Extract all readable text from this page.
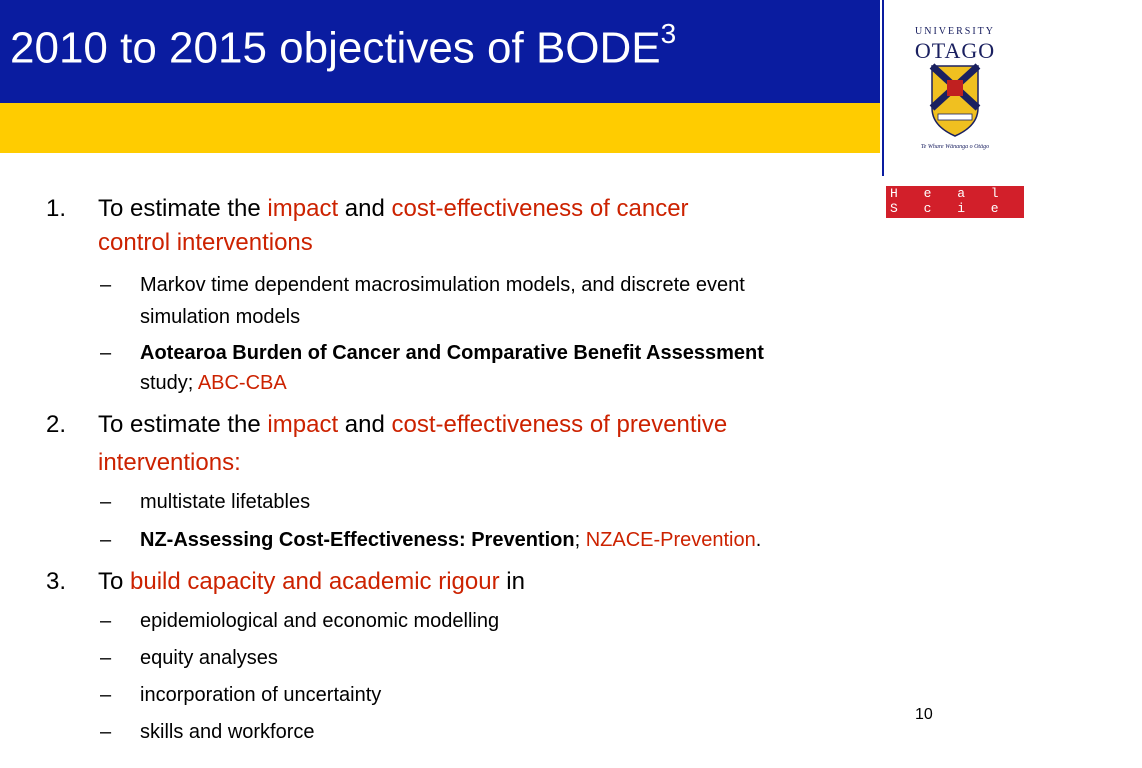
2010 to 2015 objectives of BODE$^3$	UNIVERSITY
OTAGO
Te Whare Wānanga o Otāgo
H e a l t h
S c i e n c e s
1. To estimate the impact and cost-effectiveness of cancer
control interventions
– Markov time dependent macrosimulation models, and discrete event
simulation models
– Aotearoa Burden of Cancer and Comparative Benefit Assessment
study; ABC-CBA
2. To estimate the impact and cost-effectiveness of preventive
interventions:
– multistate lifetables
– NZ-Assessing Cost-Effectiveness: Prevention; NZACE-Prevention.
3. To build capacity and academic rigour in
– epidemiological and economic modelling
– equity analyses
– incorporation of uncertainty
– skills and workforce
10
